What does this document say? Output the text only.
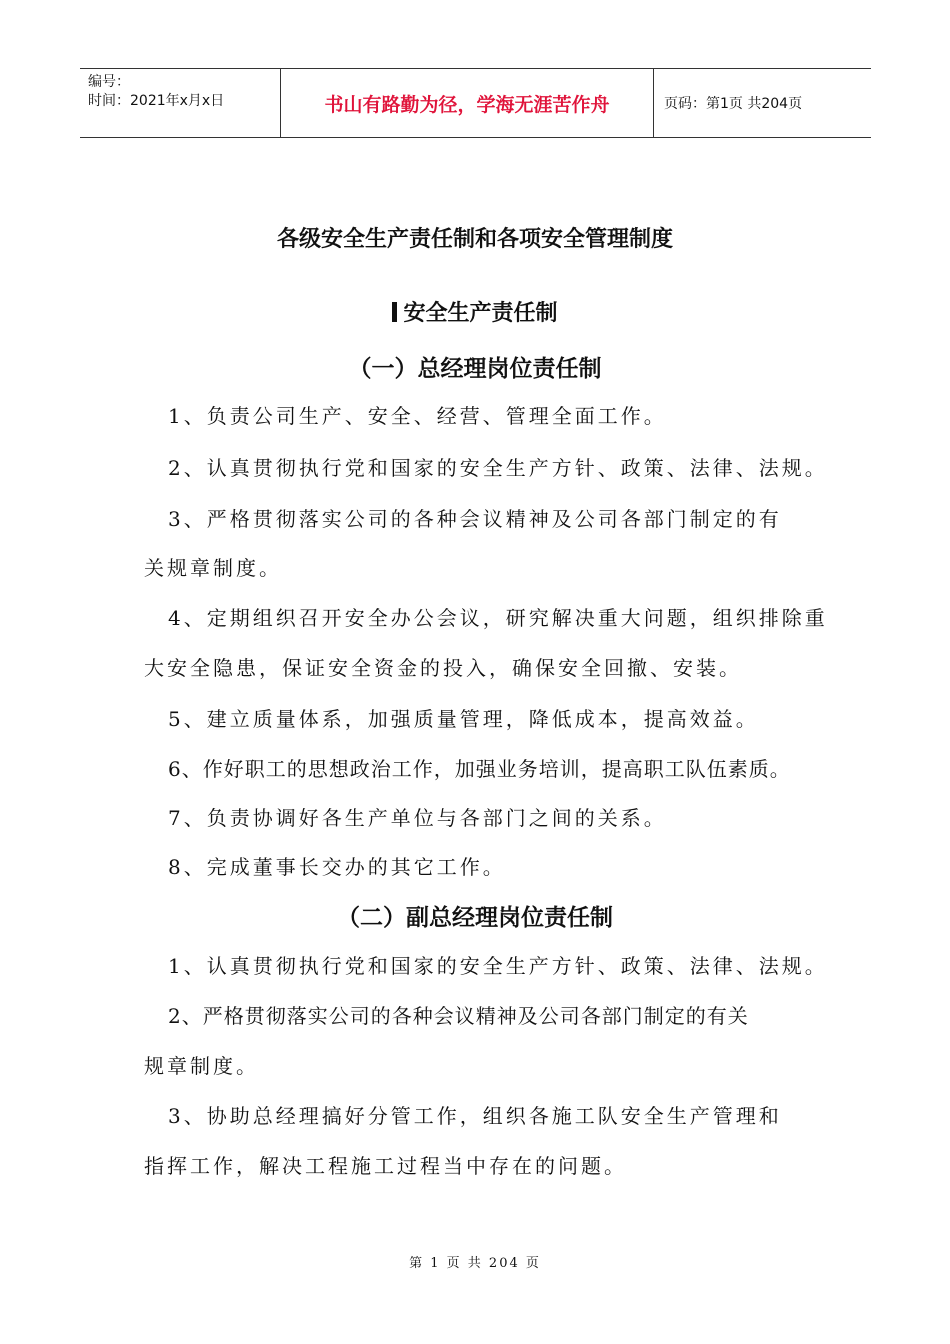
编号：
时间：2021年x月x日	书山有路勤为径，学海无涯苦作舟	页码：第1页 共204页
各级安全生产责任制和各项安全管理制度
安全生产责任制
（一）总经理岗位责任制
1、负责公司生产、安全、经营、管理全面工作。
2、认真贯彻执行党和国家的安全生产方针、政策、法律、法规。
3、严格贯彻落实公司的各种会议精神及公司各部门制定的有
关规章制度。
4、定期组织召开安全办公会议，研究解决重大问题，组织排除重
大安全隐患，保证安全资金的投入，确保安全回撤、安装。
5、建立质量体系，加强质量管理，降低成本，提高效益。
6、作好职工的思想政治工作，加强业务培训，提高职工队伍素质。
7、负责协调好各生产单位与各部门之间的关系。
8、完成董事长交办的其它工作。
（二）副总经理岗位责任制
1、认真贯彻执行党和国家的安全生产方针、政策、法律、法规。
2、严格贯彻落实公司的各种会议精神及公司各部门制定的有关
规章制度。
3、协助总经理搞好分管工作，组织各施工队安全生产管理和
指挥工作，解决工程施工过程当中存在的问题。
第 1 页 共 204 页
